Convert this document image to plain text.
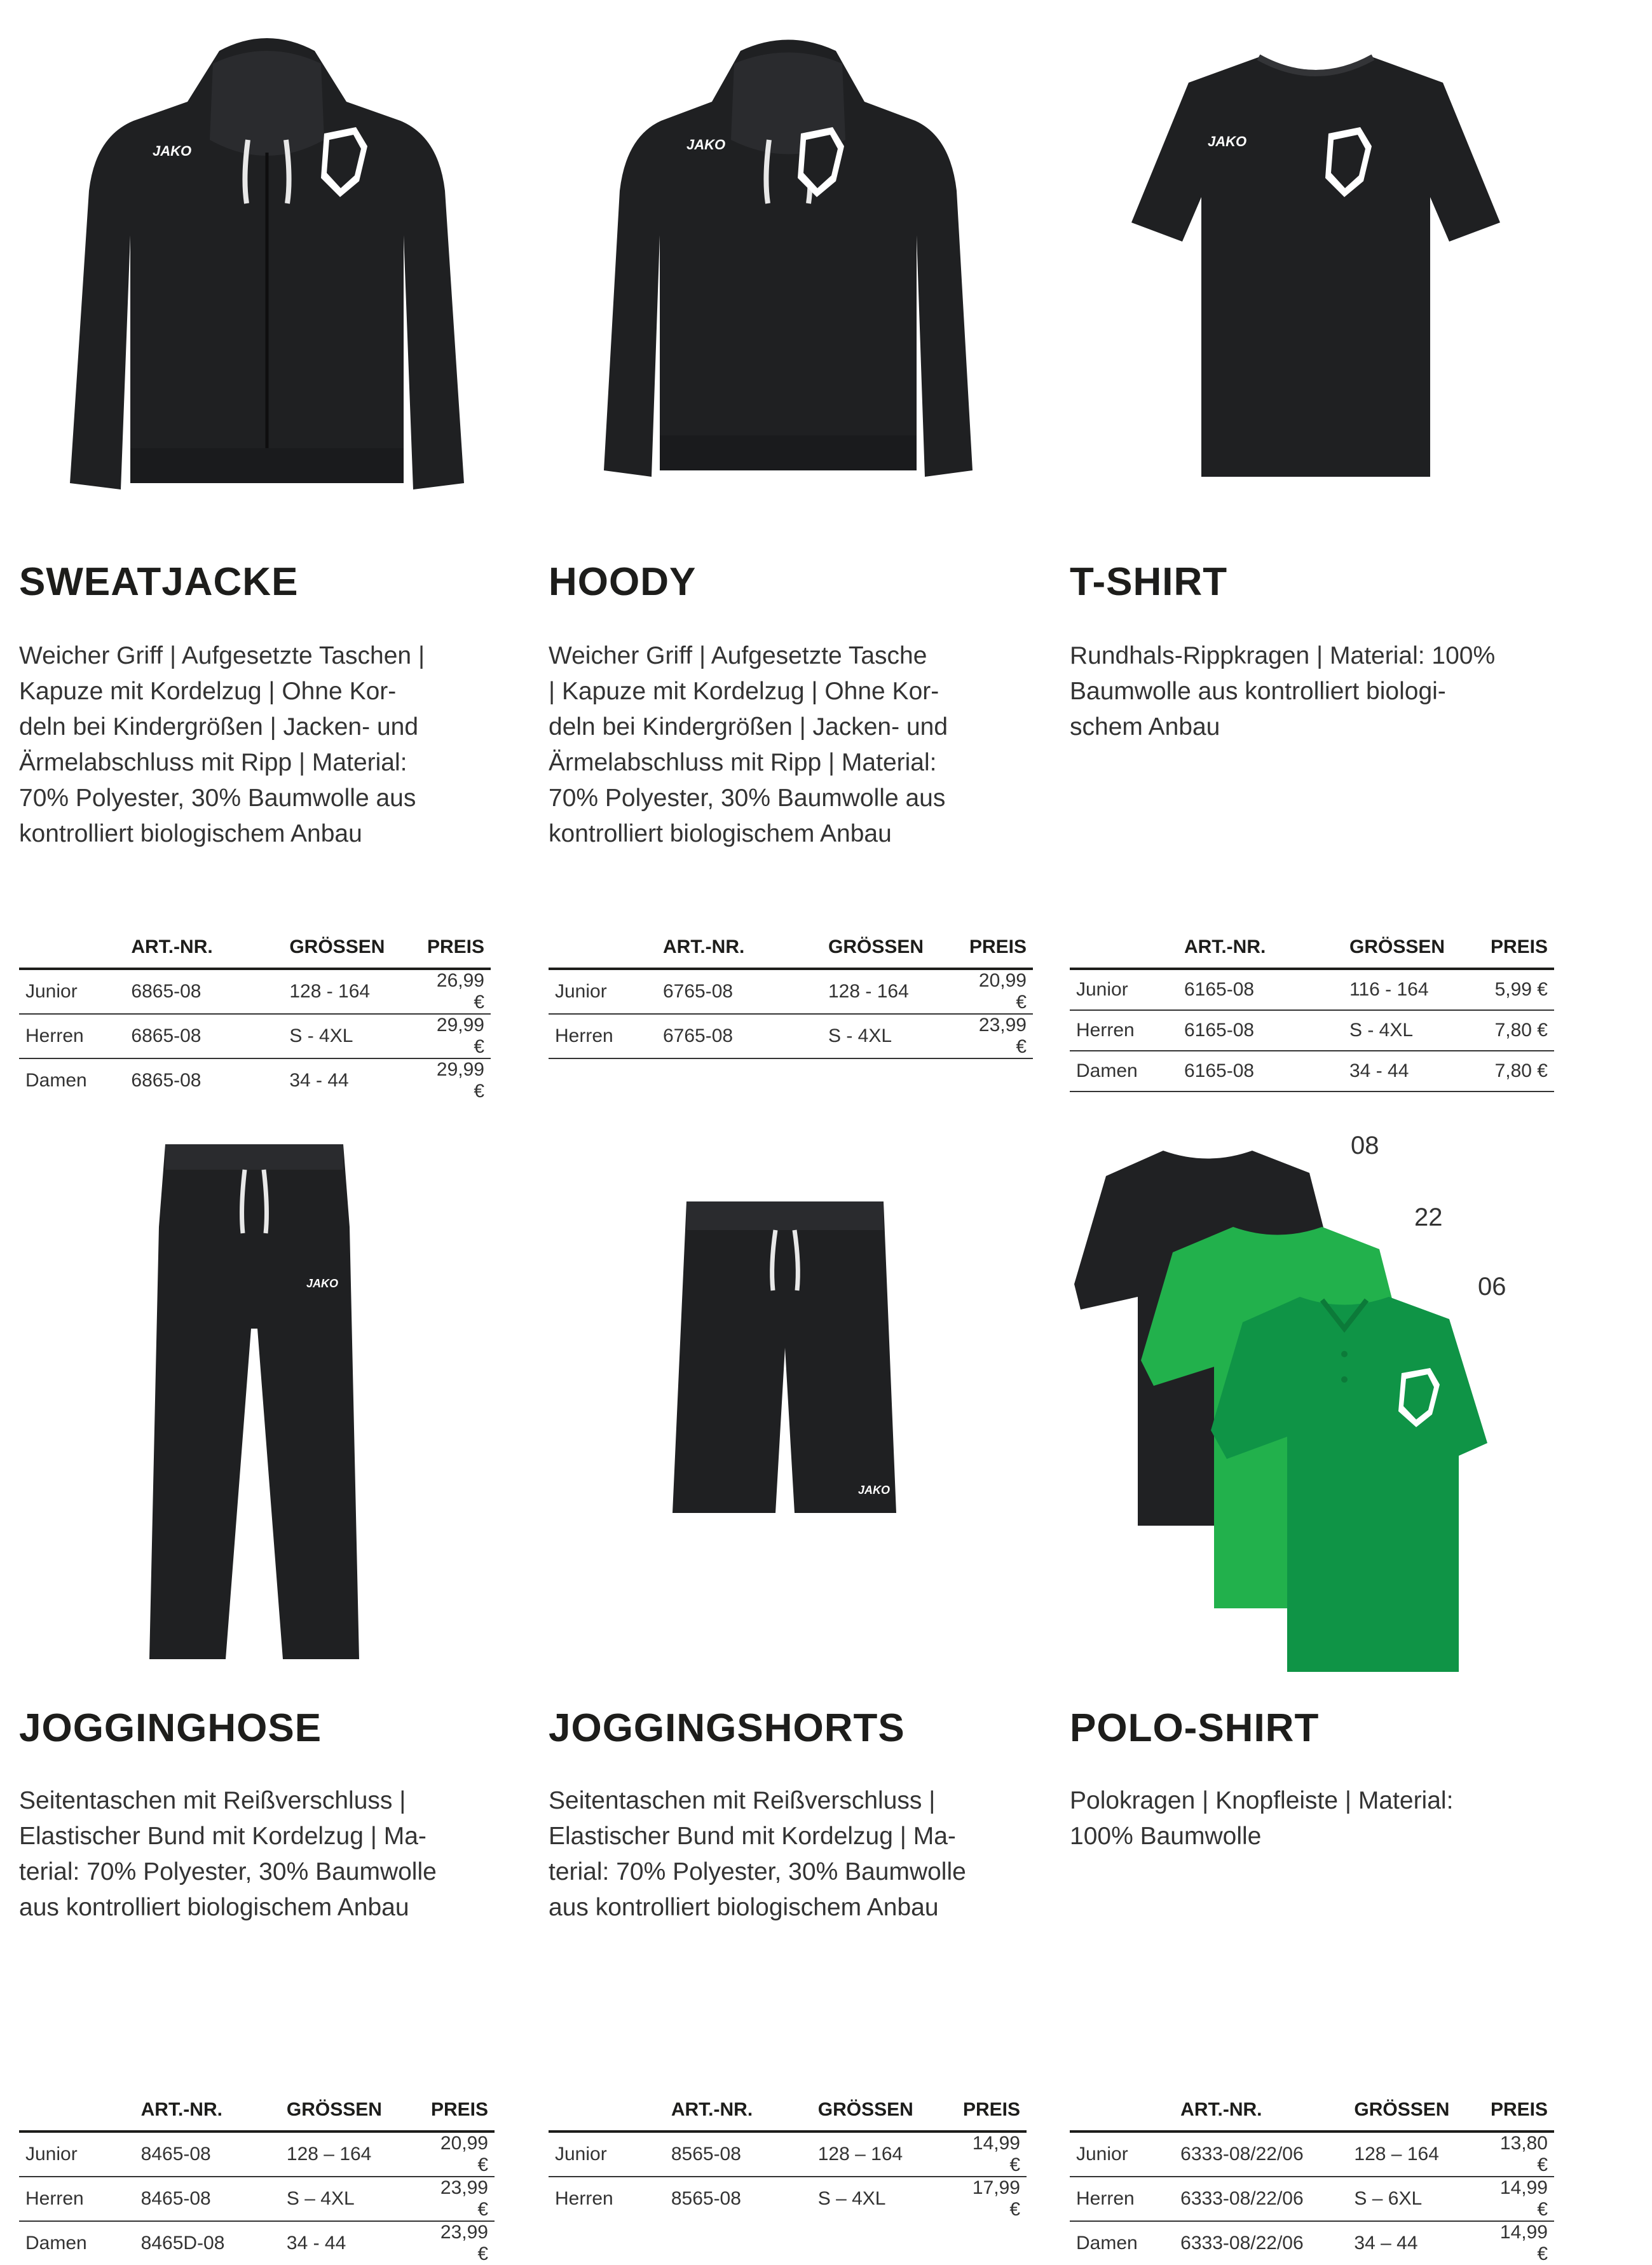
JAKO
SWEATJACKE

Weicher Griff | Aufgesetzte Taschen |
Kapuze mit Kordelzug | Ohne Kor-
deln bei Kindergrößen | Jacken- und
Ärmelabschluss mit Ripp | Material:
70% Polyester, 30% Baumwolle aus
kontrolliert biologischem Anbau

	ART.-NR.	GRÖSSEN	PREIS
Junior	6865-08	128 - 164	26,99 €
Herren	6865-08	S - 4XL	29,99 €
Damen	6865-08	34 - 44	29,99 €
JAKO
HOODY

Weicher Griff | Aufgesetzte Tasche
| Kapuze mit Kordelzug | Ohne Kor-
deln bei Kindergrößen | Jacken- und
Ärmelabschluss mit Ripp | Material:
70% Polyester, 30% Baumwolle aus
kontrolliert biologischem Anbau

	ART.-NR.	GRÖSSEN	PREIS
Junior	6765-08	128 - 164	20,99 €
Herren	6765-08	S - 4XL	23,99 €
JAKO
T-SHIRT

Rundhals-Rippkragen | Material: 100%
Baumwolle aus kontrolliert biologi-
schem Anbau

	ART.-NR.	GRÖSSEN	PREIS
Junior	6165-08	116 - 164	5,99 €
Herren	6165-08	S - 4XL	7,80 €
Damen	6165-08	34 - 44	7,80 €
JAKO
JOGGINGHOSE

Seitentaschen mit Reißverschluss |
Elastischer Bund mit Kordelzug | Ma-
terial: 70% Polyester, 30% Baumwolle
aus kontrolliert biologischem Anbau

	ART.-NR.	GRÖSSEN	PREIS
Junior	8465-08	128 – 164	20,99 €
Herren	8465-08	S – 4XL	23,99 €
Damen	8465D-08	34 - 44	23,99 €
JAKO
JOGGINGSHORTS

Seitentaschen mit Reißverschluss |
Elastischer Bund mit Kordelzug | Ma-
terial: 70% Polyester, 30% Baumwolle
aus kontrolliert biologischem Anbau

	ART.-NR.	GRÖSSEN	PREIS
Junior	8565-08	128 – 164	14,99 €
Herren	8565-08	S – 4XL	17,99 €
08
22
06
POLO-SHIRT

Polokragen | Knopfleiste | Material:
100% Baumwolle

	ART.-NR.	GRÖSSEN	PREIS
Junior	6333-08/22/06	128 – 164	13,80 €
Herren	6333-08/22/06	S – 6XL	14,99 €
Damen	6333-08/22/06	34 – 44	14,99 €
